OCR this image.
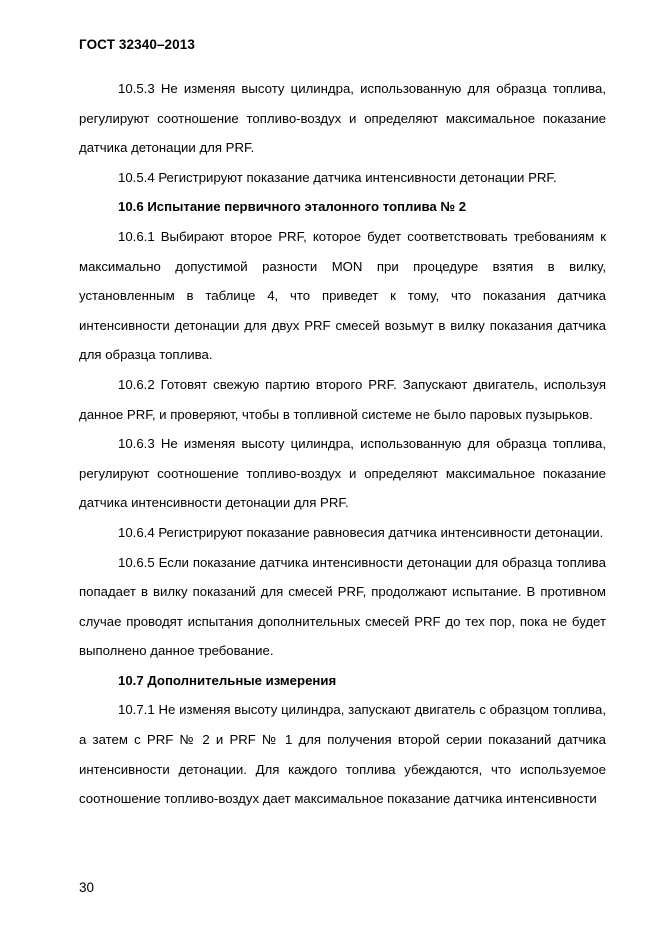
ГОСТ 32340–2013

10.5.3 Не изменяя высоту цилиндра, использованную для образца топлива, регулируют соотношение топливо-воздух и определяют максимальное показание датчика детонации для PRF.

10.5.4 Регистрируют показание датчика интенсивности детонации PRF.

10.6 Испытание первичного эталонного топлива № 2

10.6.1 Выбирают второе PRF, которое будет соответствовать требованиям к максимально допустимой разности MON при процедуре взятия в вилку, установленным в таблице 4, что приведет к тому, что показания датчика интенсивности детонации для двух PRF смесей возьмут в вилку показания датчика для образца топлива.

10.6.2 Готовят свежую партию второго PRF. Запускают двигатель, используя данное PRF, и проверяют, чтобы в топливной системе не было паровых пузырьков.

10.6.3 Не изменяя высоту цилиндра, использованную для образца топлива, регулируют соотношение топливо-воздух и определяют максимальное показание датчика интенсивности детонации для PRF.

10.6.4 Регистрируют показание равновесия датчика интенсивности детонации.

10.6.5 Если показание датчика интенсивности детонации для образца топлива попадает в вилку показаний для смесей PRF, продолжают испытание. В противном случае проводят испытания дополнительных смесей PRF до тех пор, пока не будет выполнено данное требование.

10.7 Дополнительные измерения

10.7.1 Не изменяя высоту цилиндра, запускают двигатель с образцом топлива, а затем с PRF № 2 и PRF № 1 для получения второй серии показаний датчика интенсивности детонации. Для каждого топлива убеждаются, что используемое соотношение топливо-воздух дает максимальное показание датчика интенсивности

30
